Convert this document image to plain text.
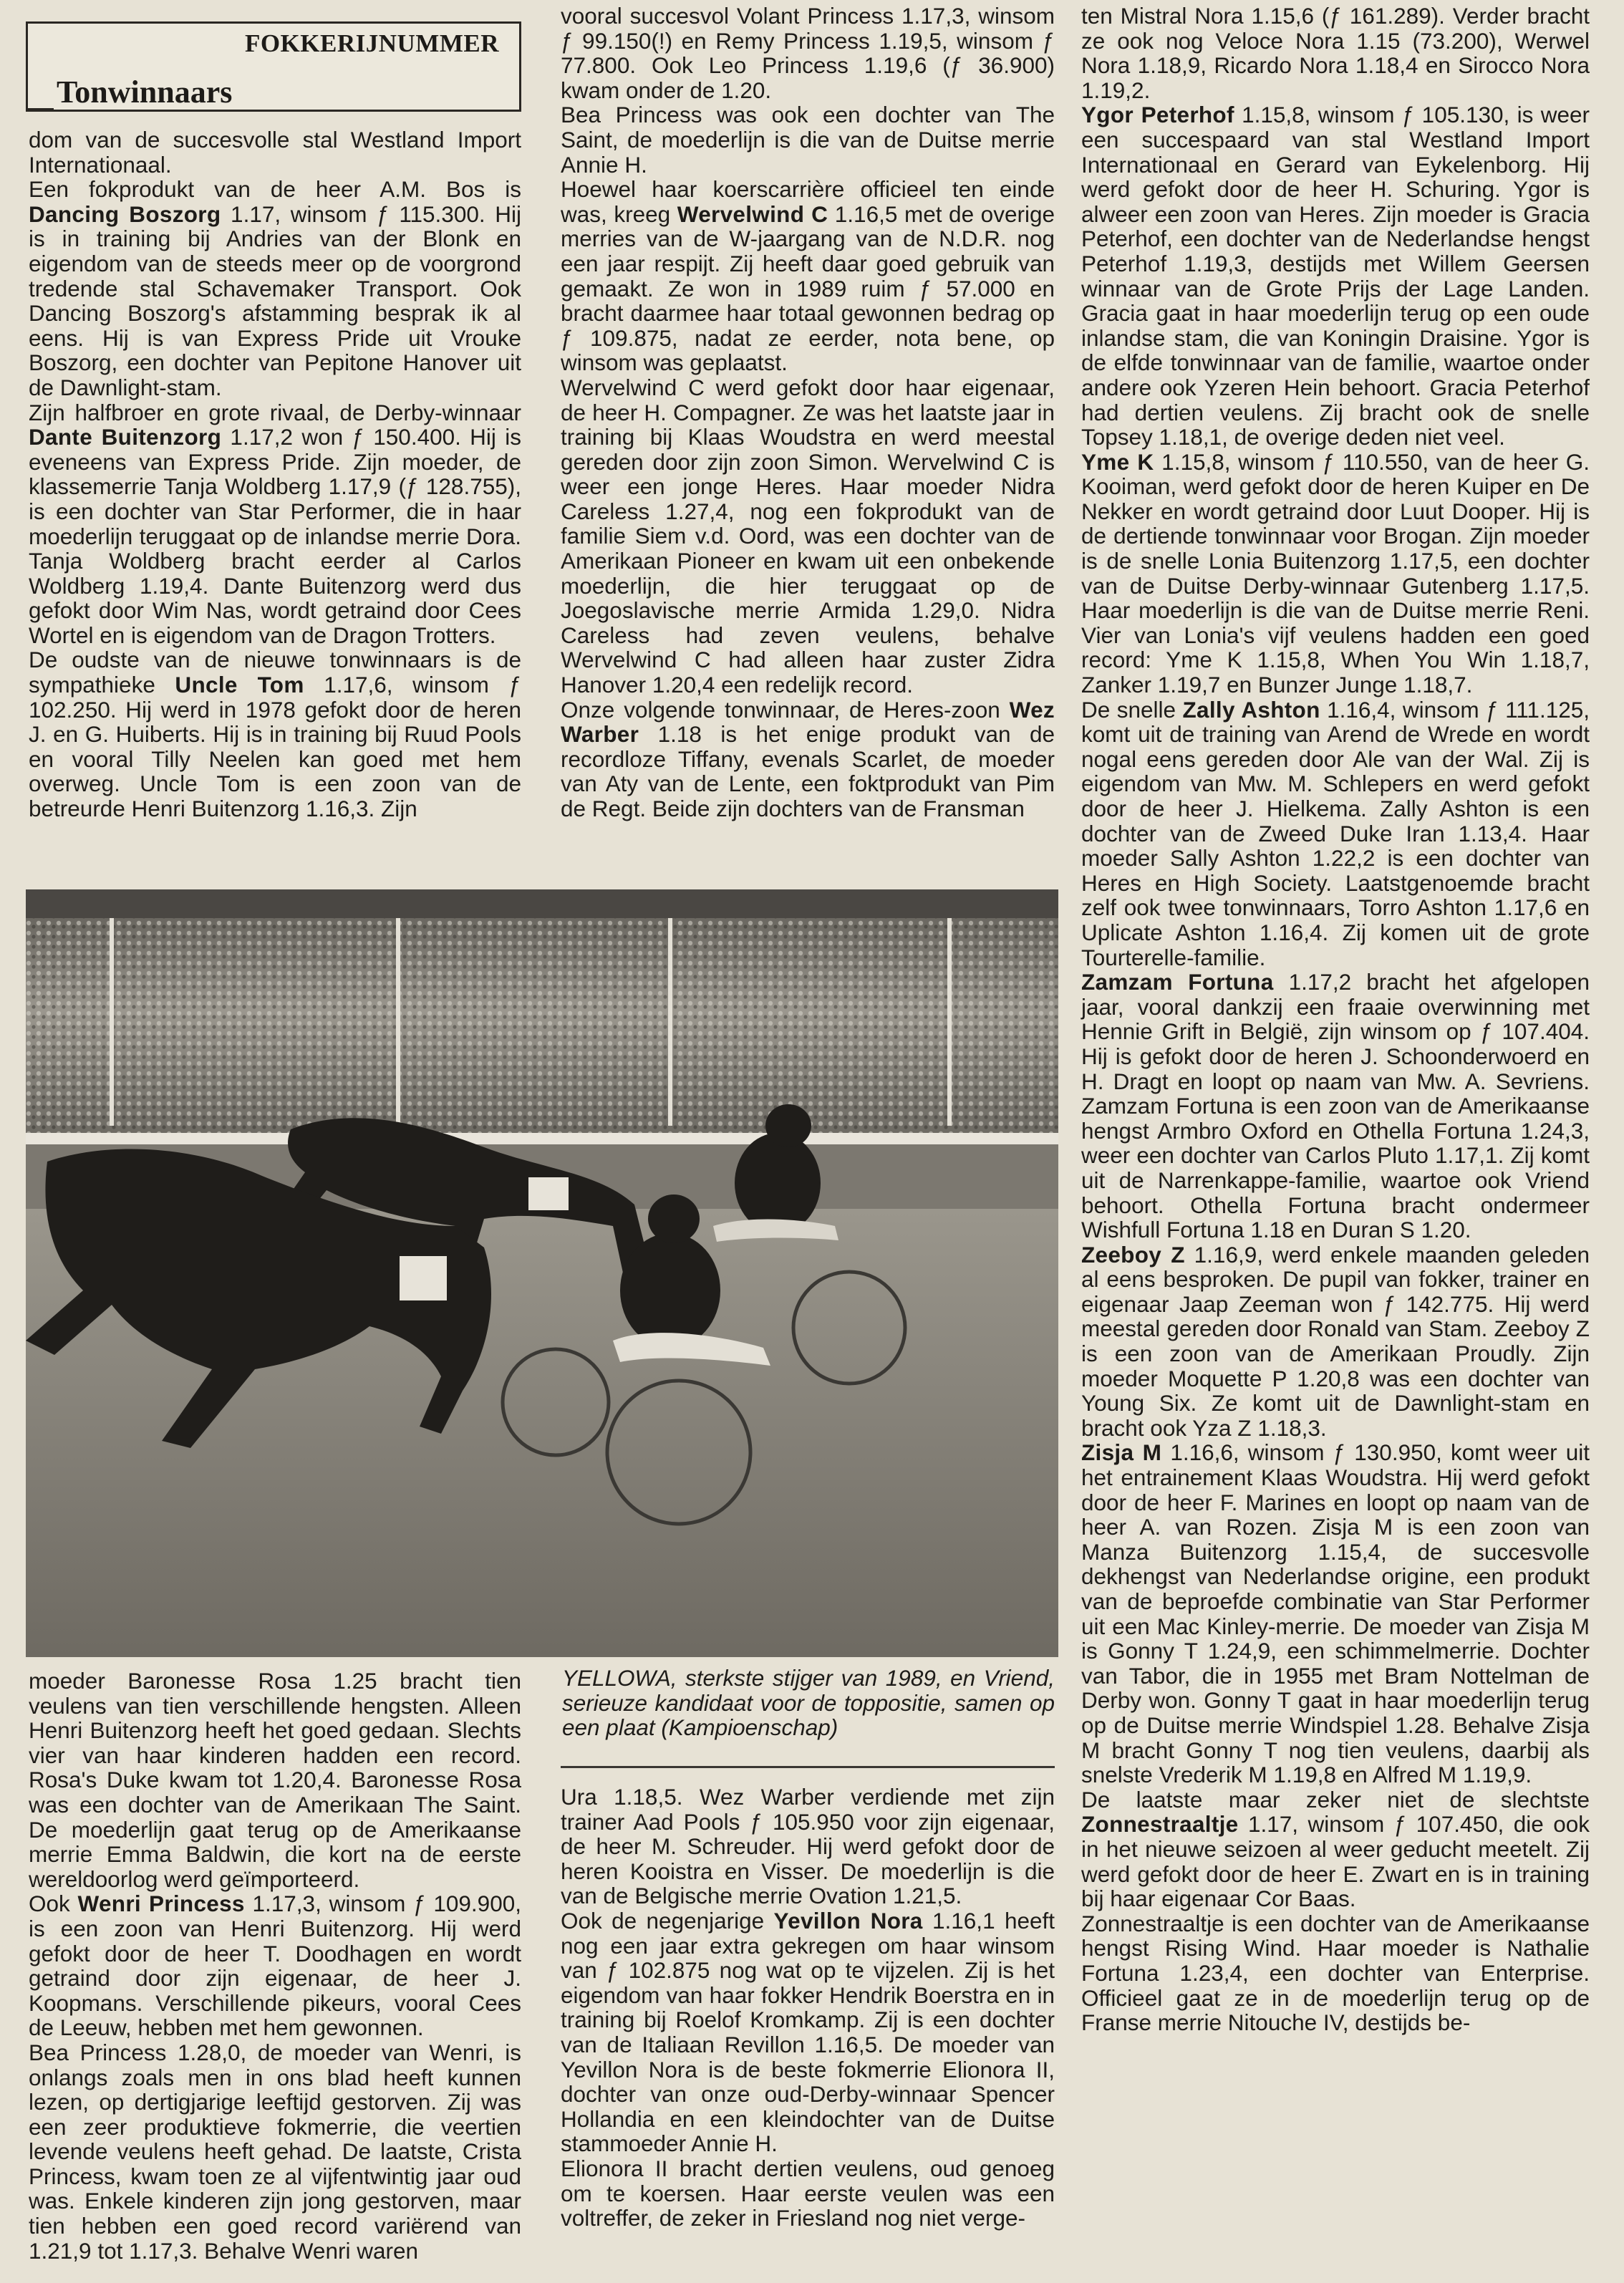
FOKKERIJNUMMER
Tonwinnaars

dom van de succesvolle stal Westland Import Internationaal.

Een fokprodukt van de heer A.M. Bos is Dancing Boszorg 1.17, winsom ƒ 115.300. Hij is in training bij Andries van der Blonk en eigendom van de steeds meer op de voorgrond tredende stal Schavemaker Transport. Ook Dancing Boszorg's afstamming besprak ik al eens. Hij is van Express Pride uit Vrouke Boszorg, een dochter van Pepitone Hanover uit de Dawnlight-stam.

Zijn halfbroer en grote rivaal, de Derby-winnaar Dante Buitenzorg 1.17,2 won ƒ 150.400. Hij is eveneens van Express Pride. Zijn moeder, de klassemerrie Tanja Woldberg 1.17,9 (ƒ 128.755), is een dochter van Star Performer, die in haar moederlijn teruggaat op de inlandse merrie Dora. Tanja Woldberg bracht eerder al Carlos Woldberg 1.19,4. Dante Buitenzorg werd dus gefokt door Wim Nas, wordt getraind door Cees Wortel en is eigendom van de Dragon Trotters.

De oudste van de nieuwe tonwinnaars is de sympathieke Uncle Tom 1.17,6, winsom ƒ 102.250. Hij werd in 1978 gefokt door de heren J. en G. Huiberts. Hij is in training bij Ruud Pools en vooral Tilly Neelen kan goed met hem overweg. Uncle Tom is een zoon van de betreurde Henri Buitenzorg 1.16,3. Zijn

vooral succesvol Volant Princess 1.17,3, winsom ƒ 99.150(!) en Remy Princess 1.19,5, winsom ƒ 77.800. Ook Leo Princess 1.19,6 (ƒ 36.900) kwam onder de 1.20.

Bea Princess was ook een dochter van The Saint, de moederlijn is die van de Duitse merrie Annie H.

Hoewel haar koerscarrière officieel ten einde was, kreeg Wervelwind C 1.16,5 met de overige merries van de W-jaargang van de N.D.R. nog een jaar respijt. Zij heeft daar goed gebruik van gemaakt. Ze won in 1989 ruim ƒ 57.000 en bracht daarmee haar totaal gewonnen bedrag op ƒ 109.875, nadat ze eerder, nota bene, op winsom was geplaatst.

Wervelwind C werd gefokt door haar eigenaar, de heer H. Compagner. Ze was het laatste jaar in training bij Klaas Woudstra en werd meestal gereden door zijn zoon Simon. Wervelwind C is weer een jonge Heres. Haar moeder Nidra Careless 1.27,4, nog een fokprodukt van de familie Siem v.d. Oord, was een dochter van de Amerikaan Pioneer en kwam uit een onbekende moederlijn, die hier teruggaat op de Joegoslavische merrie Armida 1.29,0. Nidra Careless had zeven veulens, behalve Wervelwind C had alleen haar zuster Zidra Hanover 1.20,4 een redelijk record.

Onze volgende tonwinnaar, de Heres-zoon Wez Warber 1.18 is het enige produkt van de recordloze Tiffany, evenals Scarlet, de moeder van Aty van de Lente, een foktprodukt van Pim de Regt. Beide zijn dochters van de Fransman

ten Mistral Nora 1.15,6 (ƒ 161.289). Verder bracht ze ook nog Veloce Nora 1.15 (73.200), Werwel Nora 1.18,9, Ricardo Nora 1.18,4 en Sirocco Nora 1.19,2.

Ygor Peterhof 1.15,8, winsom ƒ 105.130, is weer een succespaard van stal Westland Import Internationaal en Gerard van Eykelenborg. Hij werd gefokt door de heer H. Schuring. Ygor is alweer een zoon van Heres. Zijn moeder is Gracia Peterhof, een dochter van de Nederlandse hengst Peterhof 1.19,3, destijds met Willem Geersen winnaar van de Grote Prijs der Lage Landen. Gracia gaat in haar moederlijn terug op een oude inlandse stam, die van Koningin Draisine. Ygor is de elfde tonwinnaar van de familie, waartoe onder andere ook Yzeren Hein behoort. Gracia Peterhof had dertien veulens. Zij bracht ook de snelle Topsey 1.18,1, de overige deden niet veel.

Yme K 1.15,8, winsom ƒ 110.550, van de heer G. Kooiman, werd gefokt door de heren Kuiper en De Nekker en wordt getraind door Luut Dooper. Hij is de dertiende tonwinnaar voor Brogan. Zijn moeder is de snelle Lonia Buitenzorg 1.17,5, een dochter van de Duitse Derby-winnaar Gutenberg 1.17,5. Haar moederlijn is die van de Duitse merrie Reni. Vier van Lonia's vijf veulens hadden een goed record: Yme K 1.15,8, When You Win 1.18,7, Zanker 1.19,7 en Bunzer Junge 1.18,7.

De snelle Zally Ashton 1.16,4, winsom ƒ 111.125, komt uit de training van Arend de Wrede en wordt nogal eens gereden door Ale van der Wal. Zij is eigendom van Mw. M. Schlepers en werd gefokt door de heer J. Hielkema. Zally Ashton is een dochter van de Zweed Duke Iran 1.13,4. Haar moeder Sally Ashton 1.22,2 is een dochter van Heres en High Society. Laatstgenoemde bracht zelf ook twee tonwinnaars, Torro Ashton 1.17,6 en Uplicate Ashton 1.16,4. Zij komen uit de grote Tourterelle-familie.

Zamzam Fortuna 1.17,2 bracht het afgelopen jaar, vooral dankzij een fraaie overwinning met Hennie Grift in België, zijn winsom op ƒ 107.404. Hij is gefokt door de heren J. Schoonderwoerd en H. Dragt en loopt op naam van Mw. A. Sevriens. Zamzam Fortuna is een zoon van de Amerikaanse hengst Armbro Oxford en Othella Fortuna 1.24,3, weer een dochter van Carlos Pluto 1.17,1. Zij komt uit de Narrenkappe-familie, waartoe ook Vriend behoort. Othella Fortuna bracht ondermeer Wishfull Fortuna 1.18 en Duran S 1.20.

Zeeboy Z 1.16,9, werd enkele maanden geleden al eens besproken. De pupil van fokker, trainer en eigenaar Jaap Zeeman won ƒ 142.775. Hij werd meestal gereden door Ronald van Stam. Zeeboy Z is een zoon van de Amerikaan Proudly. Zijn moeder Moquette P 1.20,8 was een dochter van Young Six. Ze komt uit de Dawnlight-stam en bracht ook Yza Z 1.18,3.

Zisja M 1.16,6, winsom ƒ 130.950, komt weer uit het entrainement Klaas Woudstra. Hij werd gefokt door de heer F. Marines en loopt op naam van de heer A. van Rozen. Zisja M is een zoon van Manza Buitenzorg 1.15,4, de succesvolle dekhengst van Nederlandse origine, een produkt van de beproefde combinatie van Star Performer uit een Mac Kinley-merrie. De moeder van Zisja M is Gonny T 1.24,9, een schimmelmerrie. Dochter van Tabor, die in 1955 met Bram Nottelman de Derby won. Gonny T gaat in haar moederlijn terug op de Duitse merrie Windspiel 1.28. Behalve Zisja M bracht Gonny T nog tien veulens, daarbij als snelste Vrederik M 1.19,8 en Alfred M 1.19,9.

De laatste maar zeker niet de slechtste Zonnestraaltje 1.17, winsom ƒ 107.450, die ook in het nieuwe seizoen al weer geducht meetelt. Zij werd gefokt door de heer E. Zwart en is in training bij haar eigenaar Cor Baas.

Zonnestraaltje is een dochter van de Amerikaanse hengst Rising Wind. Haar moeder is Nathalie Fortuna 1.23,4, een dochter van Enterprise. Officieel gaat ze in de moederlijn terug op de Franse merrie Nitouche IV, destijds be-

YELLOWA, sterkste stijger van 1989, en Vriend, serieuze kandidaat voor de toppositie, samen op een plaat (Kampioenschap)

moeder Baronesse Rosa 1.25 bracht tien veulens van tien verschillende hengsten. Alleen Henri Buitenzorg heeft het goed gedaan. Slechts vier van haar kinderen hadden een record. Rosa's Duke kwam tot 1.20,4. Baronesse Rosa was een dochter van de Amerikaan The Saint. De moederlijn gaat terug op de Amerikaanse merrie Emma Baldwin, die kort na de eerste wereldoorlog werd geïmporteerd.

Ook Wenri Princess 1.17,3, winsom ƒ 109.900, is een zoon van Henri Buitenzorg. Hij werd gefokt door de heer T. Doodhagen en wordt getraind door zijn eigenaar, de heer J. Koopmans. Verschillende pikeurs, vooral Cees de Leeuw, hebben met hem gewonnen.

Bea Princess 1.28,0, de moeder van Wenri, is onlangs zoals men in ons blad heeft kunnen lezen, op dertigjarige leeftijd gestorven. Zij was een zeer produktieve fokmerrie, die veertien levende veulens heeft gehad. De laatste, Crista Princess, kwam toen ze al vijfentwintig jaar oud was. Enkele kinderen zijn jong gestorven, maar tien hebben een goed record variërend van 1.21,9 tot 1.17,3. Behalve Wenri waren

Ura 1.18,5. Wez Warber verdiende met zijn trainer Aad Pools ƒ 105.950 voor zijn eigenaar, de heer M. Schreuder. Hij werd gefokt door de heren Kooistra en Visser. De moederlijn is die van de Belgische merrie Ovation 1.21,5.

Ook de negenjarige Yevillon Nora 1.16,1 heeft nog een jaar extra gekregen om haar winsom van ƒ 102.875 nog wat op te vijzelen. Zij is het eigendom van haar fokker Hendrik Boerstra en in training bij Roelof Kromkamp. Zij is een dochter van de Italiaan Revillon 1.16,5. De moeder van Yevillon Nora is de beste fokmerrie Elionora II, dochter van onze oud-Derby-winnaar Spencer Hollandia en een kleindochter van de Duitse stammoeder Annie H.

Elionora II bracht dertien veulens, oud genoeg om te koersen. Haar eerste veulen was een voltreffer, de zeker in Friesland nog niet verge-
